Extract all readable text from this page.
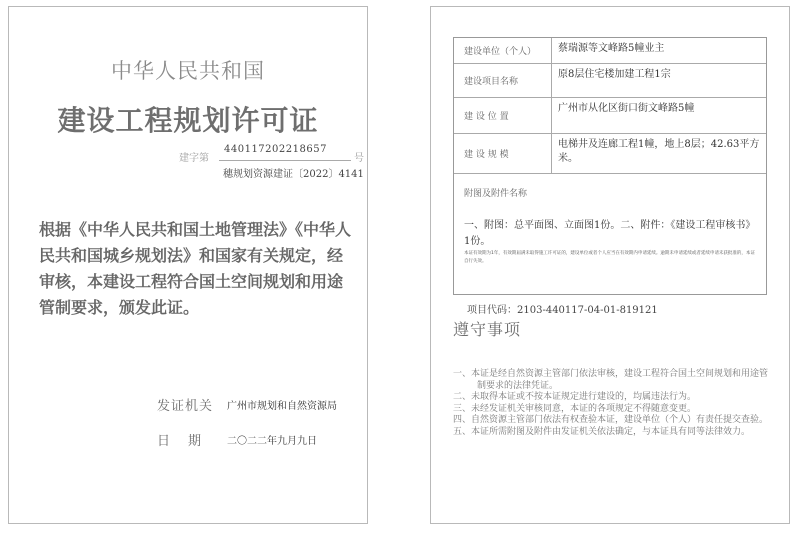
中华人民共和国
建设工程规划许可证
建字第
440117202218657
号
穗规划资源建证〔2022〕4141
根据《中华人民共和国土地管理法》《中华人民共和国城乡规划法》和国家有关规定，经审核，本建设工程符合国土空间规划和用途管制要求，颁发此证。
发证机关 广州市规划和自然资源局
日期 二〇二二年九月九日
建设单位（个人）	蔡瑞源等文峰路5幢业主
建设项目名称
原8层住宅楼加建工程1宗
建 设 位 置
广州市从化区街口街文峰路5幢
建 设 规 模
电梯井及连廊工程1幢，地上8层；42.63平方米。
附图及附件名称
一、附图：总平面图、立面图1份。二、附件：《建设工程审核书》1份。
本证有效期为1年，有效期届满未取得施工许可证的，建设单位或者个人应当在有效期内申请延续。逾期未申请延续或者延续申请未获批准的，本证自行失效。
项目代码：2103-440117-04-01-819121
遵守事项
一、本证是经自然资源主管部门依法审核，建设工程符合国土空间规划和用途管制要求的法律凭证。
二、未取得本证或不按本证规定进行建设的，均属违法行为。
三、未经发证机关审核同意，本证的各项规定不得随意变更。
四、自然资源主管部门依法有权查验本证，建设单位（个人）有责任提交查验。
五、本证所需附图及附件由发证机关依法确定，与本证具有同等法律效力。
